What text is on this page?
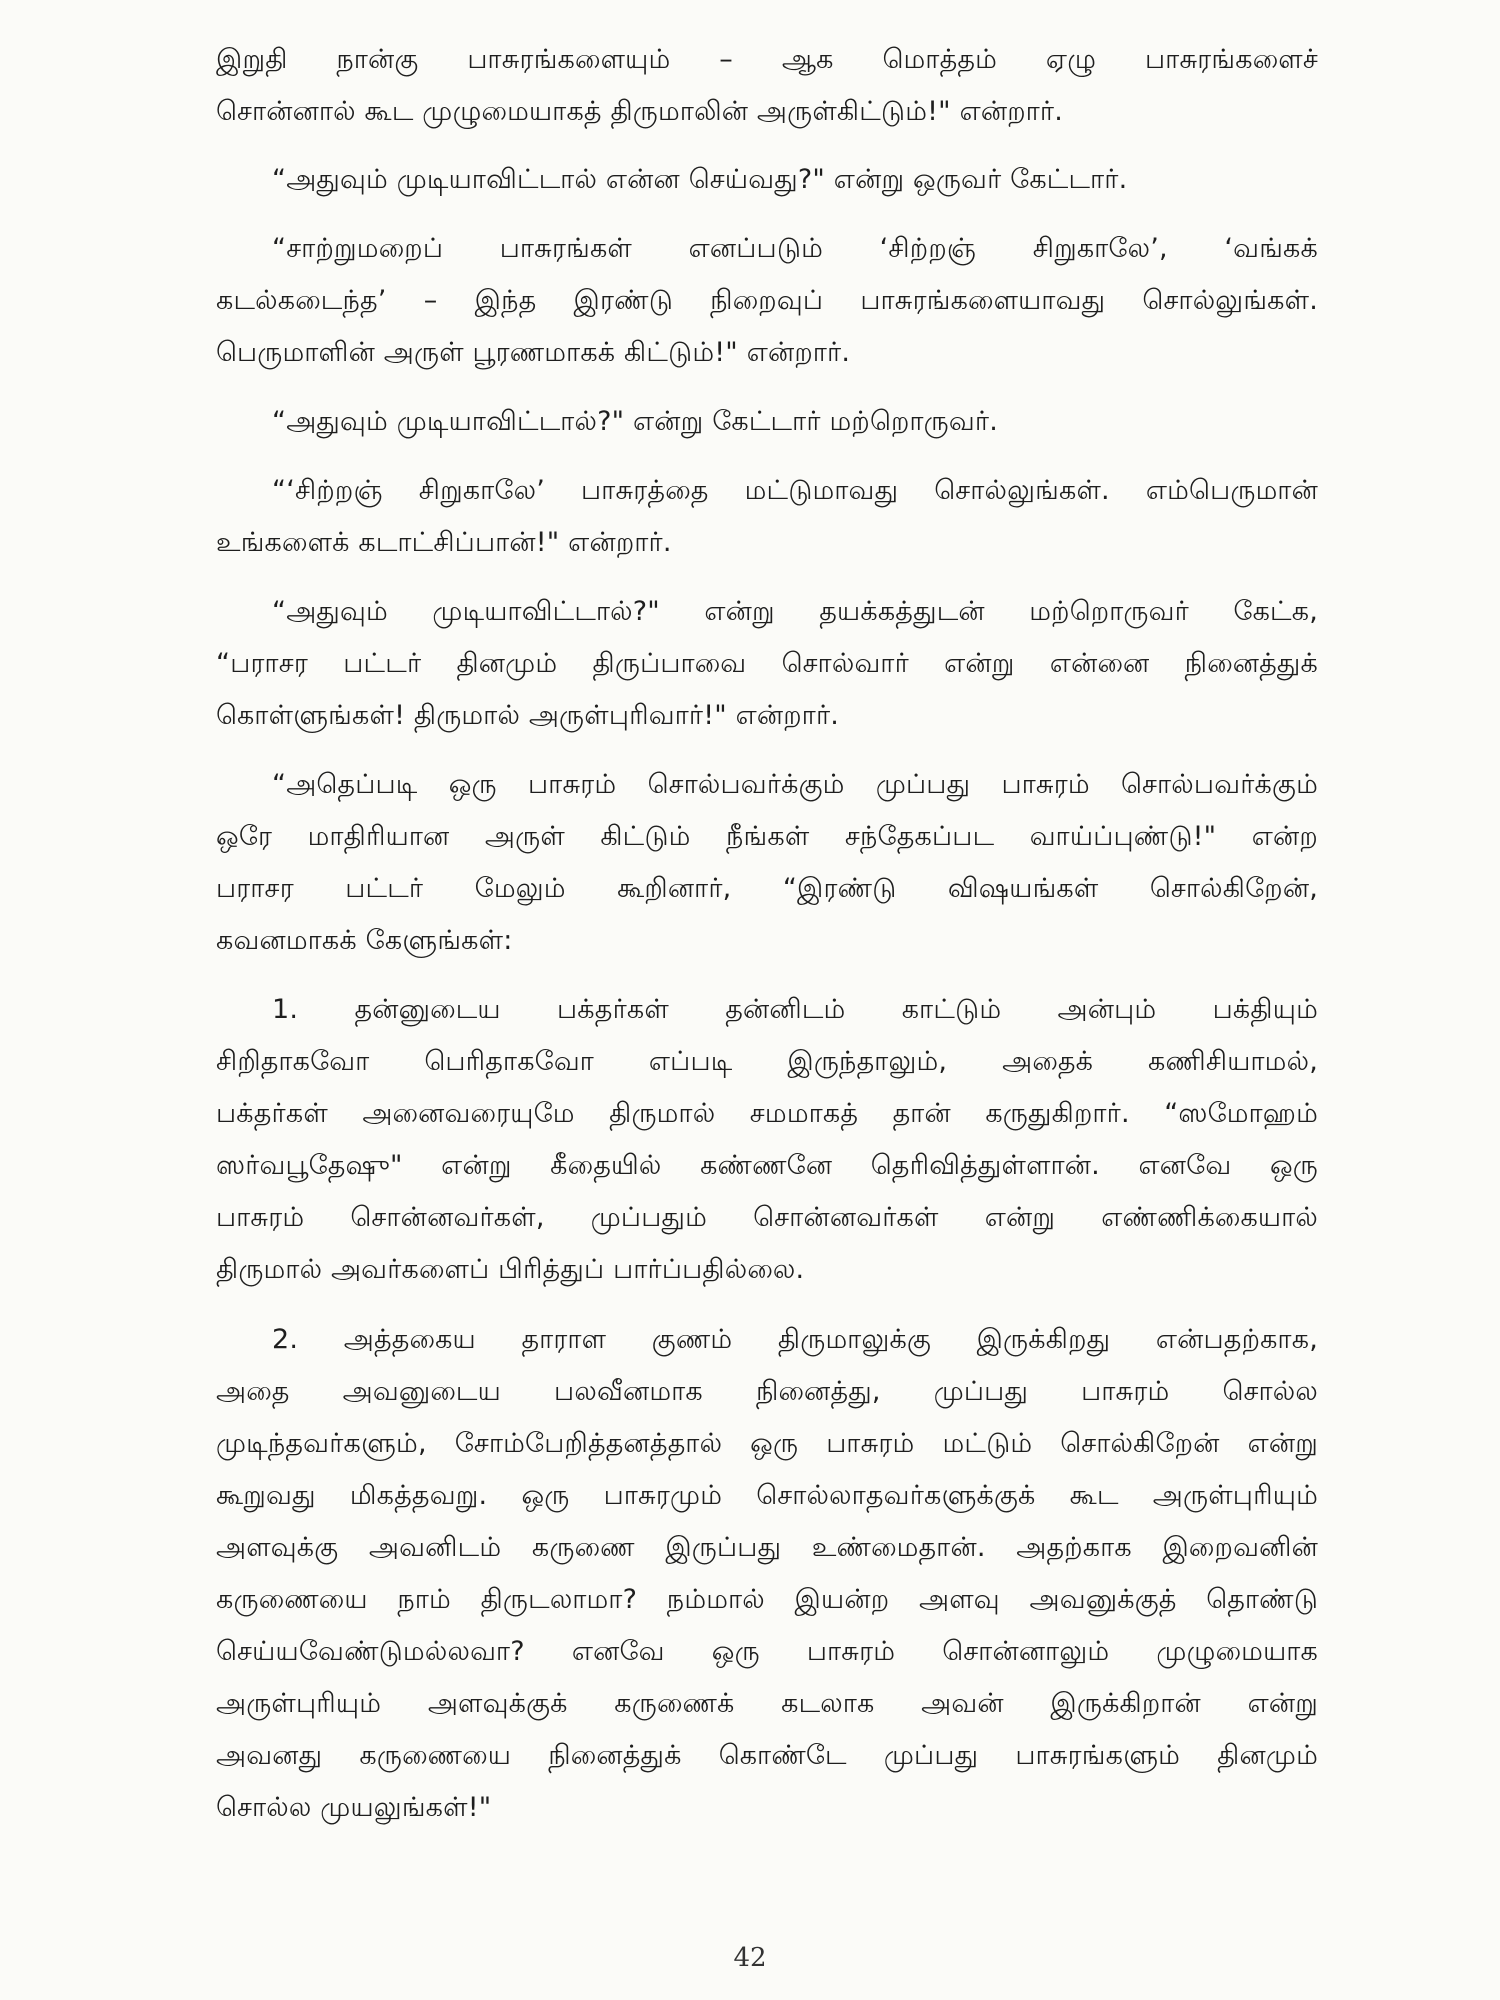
இறுதி நான்கு பாசுரங்களையும் – ஆக மொத்தம் ஏழு பாசுரங்களைச்
சொன்னால் கூட முழுமையாகத் திருமாலின் அருள்கிட்டும்!" என்றார்.

“அதுவும் முடியாவிட்டால் என்ன செய்வது?" என்று ஒருவர் கேட்டார்.

“சாற்றுமறைப் பாசுரங்கள் எனப்படும் ‘சிற்றஞ் சிறுகாலே’, ‘வங்கக்
கடல்கடைந்த’ – இந்த இரண்டு நிறைவுப் பாசுரங்களையாவது சொல்லுங்கள்.
பெருமாளின் அருள் பூரணமாகக் கிட்டும்!" என்றார்.

“அதுவும் முடியாவிட்டால்?" என்று கேட்டார் மற்றொருவர்.

“‘சிற்றஞ் சிறுகாலே’ பாசுரத்தை மட்டுமாவது சொல்லுங்கள். எம்பெருமான்
உங்களைக் கடாட்சிப்பான்!" என்றார்.

“அதுவும் முடியாவிட்டால்?" என்று தயக்கத்துடன் மற்றொருவர் கேட்க,
“பராசர பட்டர் தினமும் திருப்பாவை சொல்வார் என்று என்னை நினைத்துக்
கொள்ளுங்கள்! திருமால் அருள்புரிவார்!" என்றார்.

“அதெப்படி ஒரு பாசுரம் சொல்பவர்க்கும் முப்பது பாசுரம் சொல்பவர்க்கும்
ஒரே மாதிரியான அருள் கிட்டும் நீங்கள் சந்தேகப்பட வாய்ப்புண்டு!" என்ற
பராசர பட்டர் மேலும் கூறினார், “இரண்டு விஷயங்கள் சொல்கிறேன்,
கவனமாகக் கேளுங்கள்:

1. தன்னுடைய பக்தர்கள் தன்னிடம் காட்டும் அன்பும் பக்தியும்
சிறிதாகவோ பெரிதாகவோ எப்படி இருந்தாலும், அதைக் கணிசியாமல்,
பக்தர்கள் அனைவரையுமே திருமால் சமமாகத் தான் கருதுகிறார். “ஸமோஹம்
ஸர்வபூதேஷு" என்று கீதையில் கண்ணனே தெரிவித்துள்ளான். எனவே ஒரு
பாசுரம் சொன்னவர்கள், முப்பதும் சொன்னவர்கள் என்று எண்ணிக்கையால்
திருமால் அவர்களைப் பிரித்துப் பார்ப்பதில்லை.

2. அத்தகைய தாராள குணம் திருமாலுக்கு இருக்கிறது என்பதற்காக,
அதை அவனுடைய பலவீனமாக நினைத்து, முப்பது பாசுரம் சொல்ல
முடிந்தவர்களும், சோம்பேறித்தனத்தால் ஒரு பாசுரம் மட்டும் சொல்கிறேன் என்று
கூறுவது மிகத்தவறு. ஒரு பாசுரமும் சொல்லாதவர்களுக்குக் கூட அருள்புரியும்
அளவுக்கு அவனிடம் கருணை இருப்பது உண்மைதான். அதற்காக இறைவனின்
கருணையை நாம் திருடலாமா? நம்மால் இயன்ற அளவு அவனுக்குத் தொண்டு
செய்யவேண்டுமல்லவா? எனவே ஒரு பாசுரம் சொன்னாலும் முழுமையாக
அருள்புரியும் அளவுக்குக் கருணைக் கடலாக அவன் இருக்கிறான் என்று
அவனது கருணையை நினைத்துக் கொண்டே முப்பது பாசுரங்களும் தினமும்
சொல்ல முயலுங்கள்!"

42
